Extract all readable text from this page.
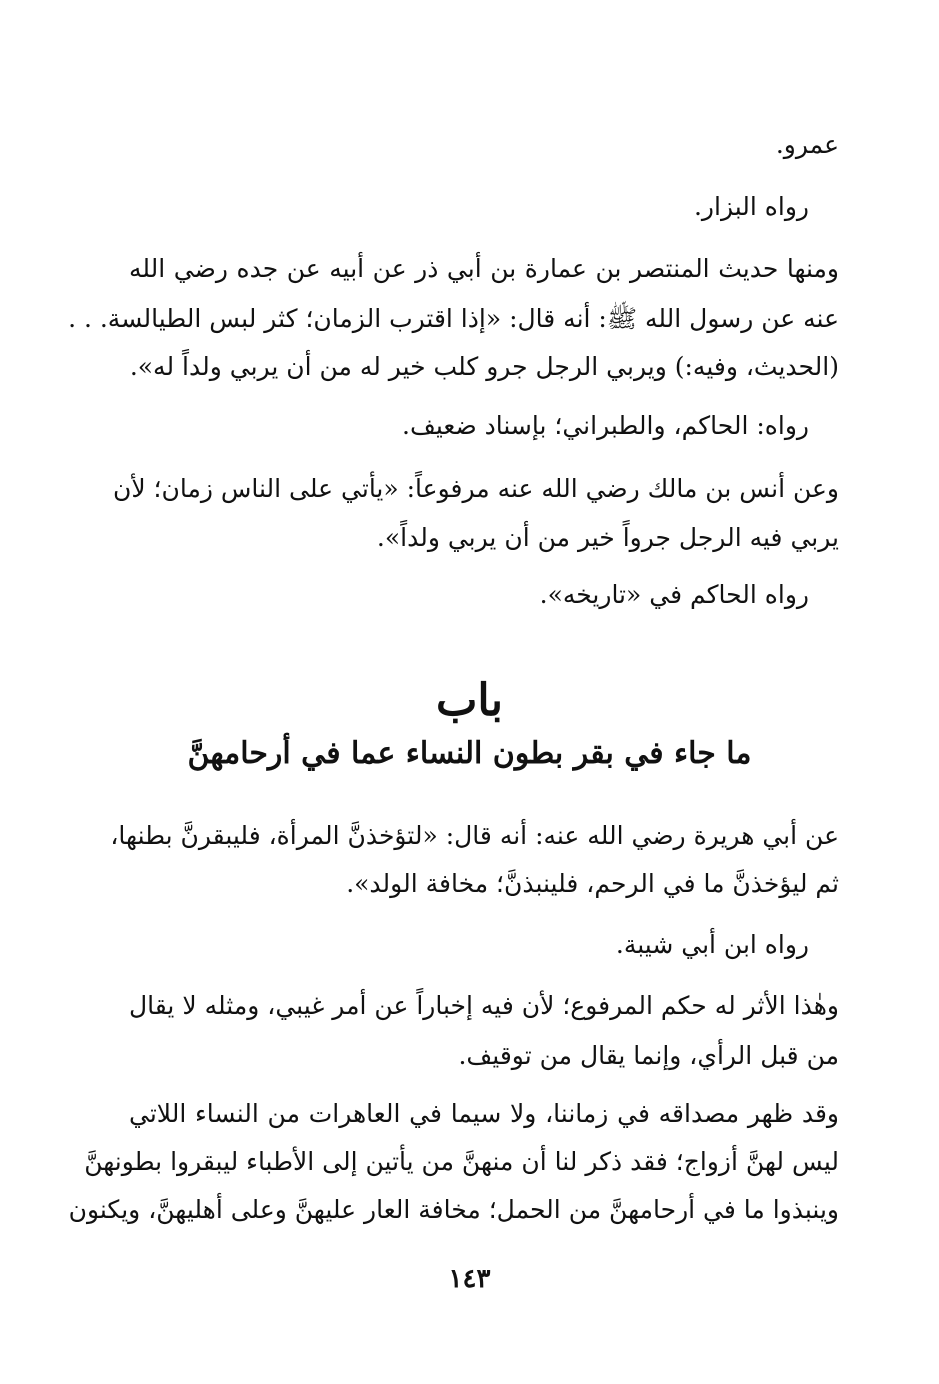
عمرو.
رواه البزار.
ومنها حديث المنتصر بن عمارة بن أبي ذر عن أبيه عن جده رضي الله
عنه عن رسول الله ﷺ: أنه قال: «إذا اقترب الزمان؛ كثر لبس الطيالسة. . .
(الحديث، وفيه:) ويربي الرجل جرو كلب خير له من أن يربي ولداً له».
رواه: الحاكم، والطبراني؛ بإسناد ضعيف.
وعن أنس بن مالك رضي الله عنه مرفوعاً: «يأتي على الناس زمان؛ لأن
يربي فيه الرجل جرواً خير من أن يربي ولداً».
رواه الحاكم في «تاريخه».
باب
ما جاء في بقر بطون النساء عما في أرحامهنَّ
عن أبي هريرة رضي الله عنه: أنه قال: «لتؤخذنَّ المرأة، فليبقرنَّ بطنها،
ثم ليؤخذنَّ ما في الرحم، فلينبذنَّ؛ مخافة الولد».
رواه ابن أبي شيبة.
وهٰذا الأثر له حكم المرفوع؛ لأن فيه إخباراً عن أمر غيبي، ومثله لا يقال
من قبل الرأي، وإنما يقال من توقيف.
وقد ظهر مصداقه في زماننا، ولا سيما في العاهرات من النساء اللاتي
ليس لهنَّ أزواج؛ فقد ذكر لنا أن منهنَّ من يأتين إلى الأطباء ليبقروا بطونهنَّ
وينبذوا ما في أرحامهنَّ من الحمل؛ مخافة العار عليهنَّ وعلى أهليهنَّ، ويكنون
١٤٣
